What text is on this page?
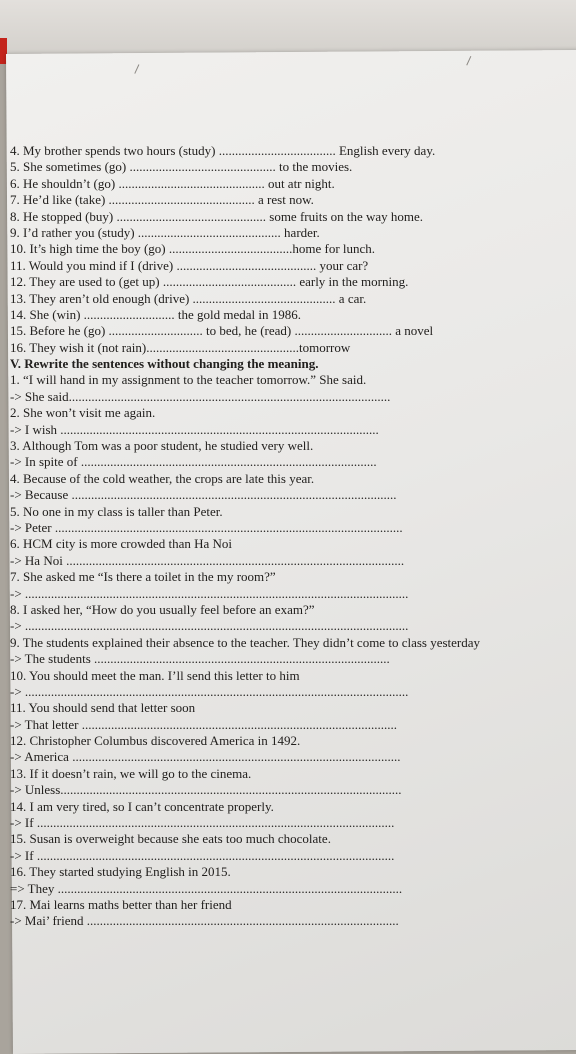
4. My brother spends two hours (study) .................................... English every day.
5. She sometimes (go) ............................................. to the movies.
6. He shouldn’t (go) ............................................. out atr night.
7. He’d like (take) ............................................. a rest now.
8. He stopped (buy) .............................................. some fruits on the way home.
9. I’d rather you (study) ............................................ harder.
10. It’s high time the boy (go) ......................................home for lunch.
11. Would you mind if I (drive) ........................................... your car?
12. They are used to (get up) ......................................... early in the morning.
13. They aren’t old enough (drive) ............................................ a car.
14. She (win) ............................ the gold medal in 1986.
15. Before he (go) ............................. to bed, he (read) .............................. a novel
16. They wish it (not rain)...............................................tomorrow
V. Rewrite the sentences without changing the meaning.
1. “I will hand in my assignment to the teacher tomorrow.” She said.
-> She said...................................................................................................
2. She won’t visit me again.
-> I wish ..................................................................................................
3. Although Tom was a poor student, he studied very well.
-> In spite of ...........................................................................................
4. Because of the cold weather, the crops are late this year.
-> Because ....................................................................................................
5. No one in my class is taller than Peter.
-> Peter ...........................................................................................................
6. HCM city is more crowded than Ha Noi
-> Ha Noi ........................................................................................................
7. She asked me “Is there a toilet in the my room?”
-> ......................................................................................................................
8. I asked her, “How do you usually feel before an exam?”
-> ......................................................................................................................
9. The students explained their absence to the teacher. They didn’t come to class yesterday
-> The students ...........................................................................................
10. You should meet the man. I’ll send this letter to him
-> ......................................................................................................................
11. You should send that letter soon
-> That letter .................................................................................................
12. Christopher Columbus discovered America in 1492.
-> America .....................................................................................................
13. If it doesn’t rain, we will go to the cinema.
-> Unless.........................................................................................................
14. I am very tired, so I can’t concentrate properly.
-> If ..............................................................................................................
15. Susan is overweight because she eats too much chocolate.
-> If ..............................................................................................................
16. They started studying English in 2015.
=> They ..........................................................................................................
17. Mai learns maths better than her friend
-> Mai’ friend ................................................................................................
